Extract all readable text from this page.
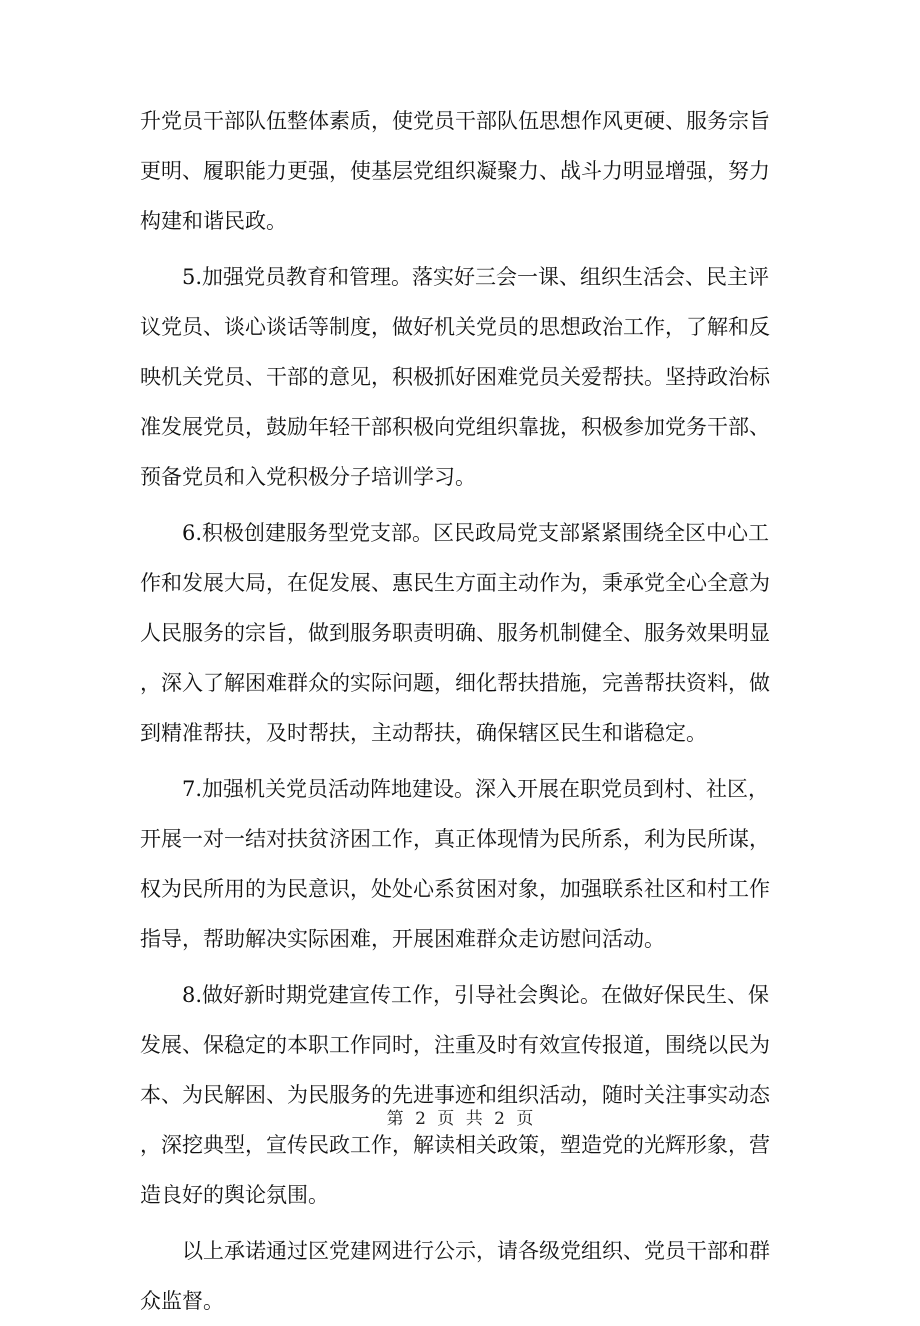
升党员干部队伍整体素质，使党员干部队伍思想作风更硬、服务宗旨
更明、履职能力更强，使基层党组织凝聚力、战斗力明显增强，努力
构建和谐民政。
　　5.加强党员教育和管理。落实好三会一课、组织生活会、民主评
议党员、谈心谈话等制度，做好机关党员的思想政治工作，了解和反
映机关党员、干部的意见，积极抓好困难党员关爱帮扶。坚持政治标
准发展党员，鼓励年轻干部积极向党组织靠拢，积极参加党务干部、
预备党员和入党积极分子培训学习。
　　6.积极创建服务型党支部。区民政局党支部紧紧围绕全区中心工
作和发展大局，在促发展、惠民生方面主动作为，秉承党全心全意为
人民服务的宗旨，做到服务职责明确、服务机制健全、服务效果明显
，深入了解困难群众的实际问题，细化帮扶措施，完善帮扶资料，做
到精准帮扶，及时帮扶，主动帮扶，确保辖区民生和谐稳定。
　　7.加强机关党员活动阵地建设。深入开展在职党员到村、社区，
开展一对一结对扶贫济困工作，真正体现情为民所系，利为民所谋，
权为民所用的为民意识，处处心系贫困对象，加强联系社区和村工作
指导，帮助解决实际困难，开展困难群众走访慰问活动。
　　8.做好新时期党建宣传工作，引导社会舆论。在做好保民生、保
发展、保稳定的本职工作同时，注重及时有效宣传报道，围绕以民为
本、为民解困、为民服务的先进事迹和组织活动，随时关注事实动态
，深挖典型，宣传民政工作，解读相关政策，塑造党的光辉形象，营
造良好的舆论氛围。
　　以上承诺通过区党建网进行公示，请各级党组织、党员干部和群
众监督。
第 2 页 共 2 页
